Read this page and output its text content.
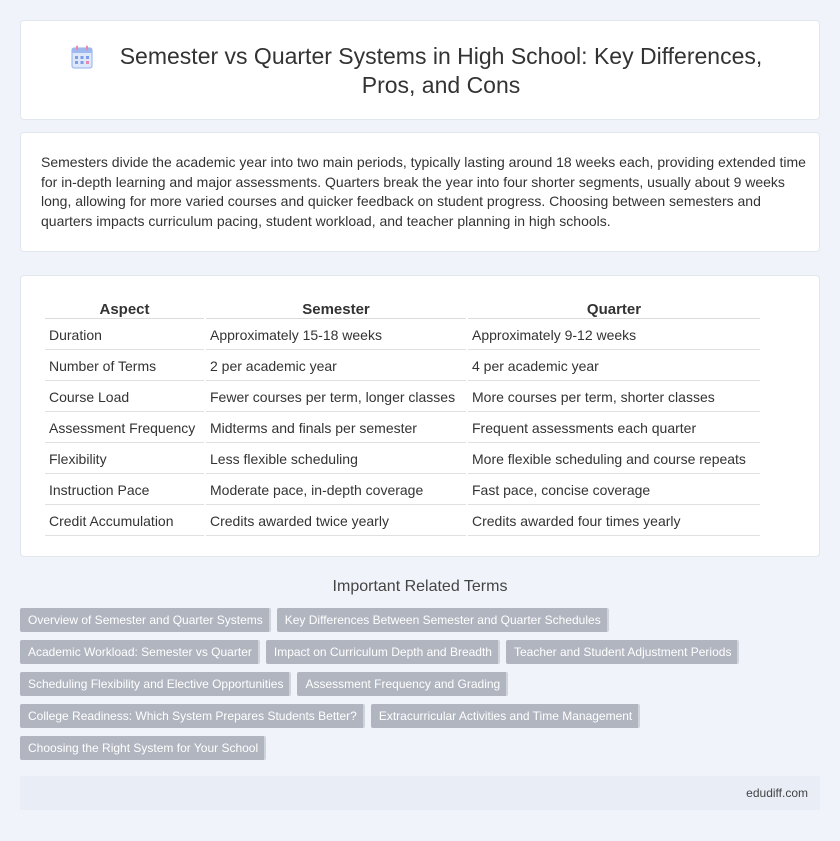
Semester vs Quarter Systems in High School: Key Differences, Pros, and Cons

Semesters divide the academic year into two main periods, typically lasting around 18 weeks each, providing extended time for in-depth learning and major assessments. Quarters break the year into four shorter segments, usually about 9 weeks long, allowing for more varied courses and quicker feedback on student progress. Choosing between semesters and quarters impacts curriculum pacing, student workload, and teacher planning in high schools.

Aspect	Semester	Quarter
Duration	Approximately 15-18 weeks	Approximately 9-12 weeks
Number of Terms	2 per academic year	4 per academic year
Course Load	Fewer courses per term, longer classes	More courses per term, shorter classes
Assessment Frequency	Midterms and finals per semester	Frequent assessments each quarter
Flexibility	Less flexible scheduling	More flexible scheduling and course repeats
Instruction Pace	Moderate pace, in-depth coverage	Fast pace, concise coverage
Credit Accumulation	Credits awarded twice yearly	Credits awarded four times yearly
Important Related Terms
Overview of Semester and Quarter Systems	Key Differences Between Semester and Quarter Schedules
Academic Workload: Semester vs Quarter	Impact on Curriculum Depth and Breadth	Teacher and Student Adjustment Periods
Scheduling Flexibility and Elective Opportunities	Assessment Frequency and Grading
College Readiness: Which System Prepares Students Better?	Extracurricular Activities and Time Management
Choosing the Right System for Your School
edudiff.com
